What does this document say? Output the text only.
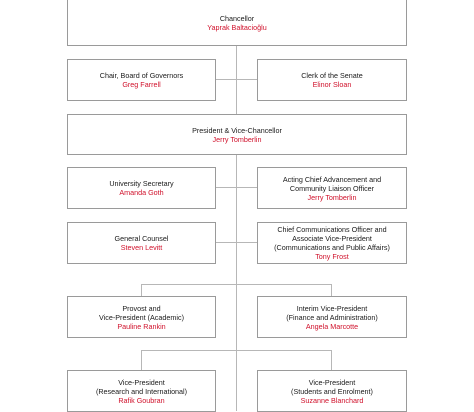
Chancellor
Yaprak Baltacioğlu
Chair, Board of Governors
Greg Farrell
Clerk of the Senate
Elinor Sloan
President & Vice-Chancellor
Jerry Tomberlin
University Secretary
Amanda Goth
Acting Chief Advancement and
Community Liaison Officer
Jerry Tomberlin
General Counsel
Steven Levitt
Chief Communications Officer and
Associate Vice-President
(Communications and Public Affairs)
Tony Frost
Provost and
Vice-President (Academic)
Pauline Rankin
Interim Vice-President
(Finance and Administration)
Angela Marcotte
Vice-President
(Research and International)
Rafik Goubran
Vice-President
(Students and Enrolment)
Suzanne Blanchard
